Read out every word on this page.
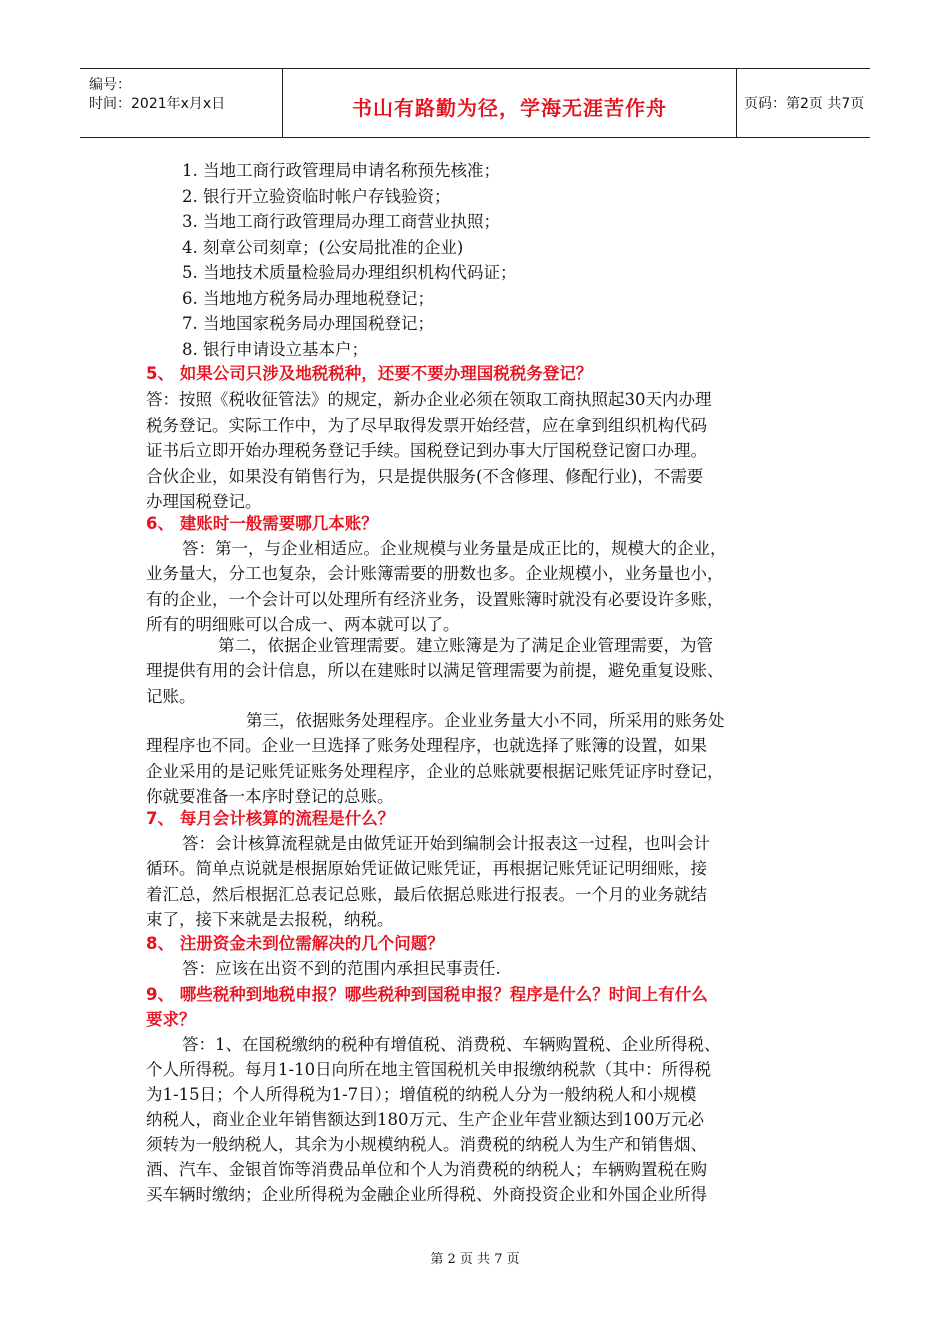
编号：
时间：2021年x月x日	书山有路勤为径，学海无涯苦作舟	页码：第2页 共7页
1. 当地工商行政管理局申请名称预先核准；
2. 银行开立验资临时帐户存钱验资；
3. 当地工商行政管理局办理工商营业执照；
4. 刻章公司刻章；(公安局批准的企业)
5. 当地技术质量检验局办理组织机构代码证；
6. 当地地方税务局办理地税登记；
7. 当地国家税务局办理国税登记；
8. 银行申请设立基本户；
5、 如果公司只涉及地税税种，还要不要办理国税税务登记？
答：按照《税收征管法》的规定，新办企业必须在领取工商执照起30天内办理
税务登记。实际工作中，为了尽早取得发票开始经营，应在拿到组织机构代码
证书后立即开始办理税务登记手续。国税登记到办事大厅国税登记窗口办理。
合伙企业，如果没有销售行为，只是提供服务(不含修理、修配行业)，不需要
办理国税登记。
6、 建账时一般需要哪几本账？
答：第一，与企业相适应。企业规模与业务量是成正比的，规模大的企业，
业务量大，分工也复杂，会计账簿需要的册数也多。企业规模小，业务量也小，
有的企业，一个会计可以处理所有经济业务，设置账簿时就没有必要设许多账，
所有的明细账可以合成一、两本就可以了。
第二，依据企业管理需要。建立账簿是为了满足企业管理需要，为管
理提供有用的会计信息，所以在建账时以满足管理需要为前提，避免重复设账、
记账。
第三，依据账务处理程序。企业业务量大小不同，所采用的账务处
理程序也不同。企业一旦选择了账务处理程序，也就选择了账簿的设置，如果
企业采用的是记账凭证账务处理程序，企业的总账就要根据记账凭证序时登记，
你就要准备一本序时登记的总账。
7、 每月会计核算的流程是什么？
答：会计核算流程就是由做凭证开始到编制会计报表这一过程，也叫会计
循环。简单点说就是根据原始凭证做记账凭证，再根据记账凭证记明细账，接
着汇总，然后根据汇总表记总账，最后依据总账进行报表。一个月的业务就结
束了，接下来就是去报税，纳税。
8、 注册资金未到位需解决的几个问题？
答：应该在出资不到的范围内承担民事责任.
9、 哪些税种到地税申报？哪些税种到国税申报？程序是什么？时间上有什么
要求？
答：1、在国税缴纳的税种有增值税、消费税、车辆购置税、企业所得税、
个人所得税。每月1-10日向所在地主管国税机关申报缴纳税款（其中：所得税
为1-15日；个人所得税为1-7日）；增值税的纳税人分为一般纳税人和小规模
纳税人，商业企业年销售额达到180万元、生产企业年营业额达到100万元必
须转为一般纳税人，其余为小规模纳税人。消费税的纳税人为生产和销售烟、
酒、汽车、金银首饰等消费品单位和个人为消费税的纳税人；车辆购置税在购
买车辆时缴纳；企业所得税为金融企业所得税、外商投资企业和外国企业所得
第 2 页 共 7 页
